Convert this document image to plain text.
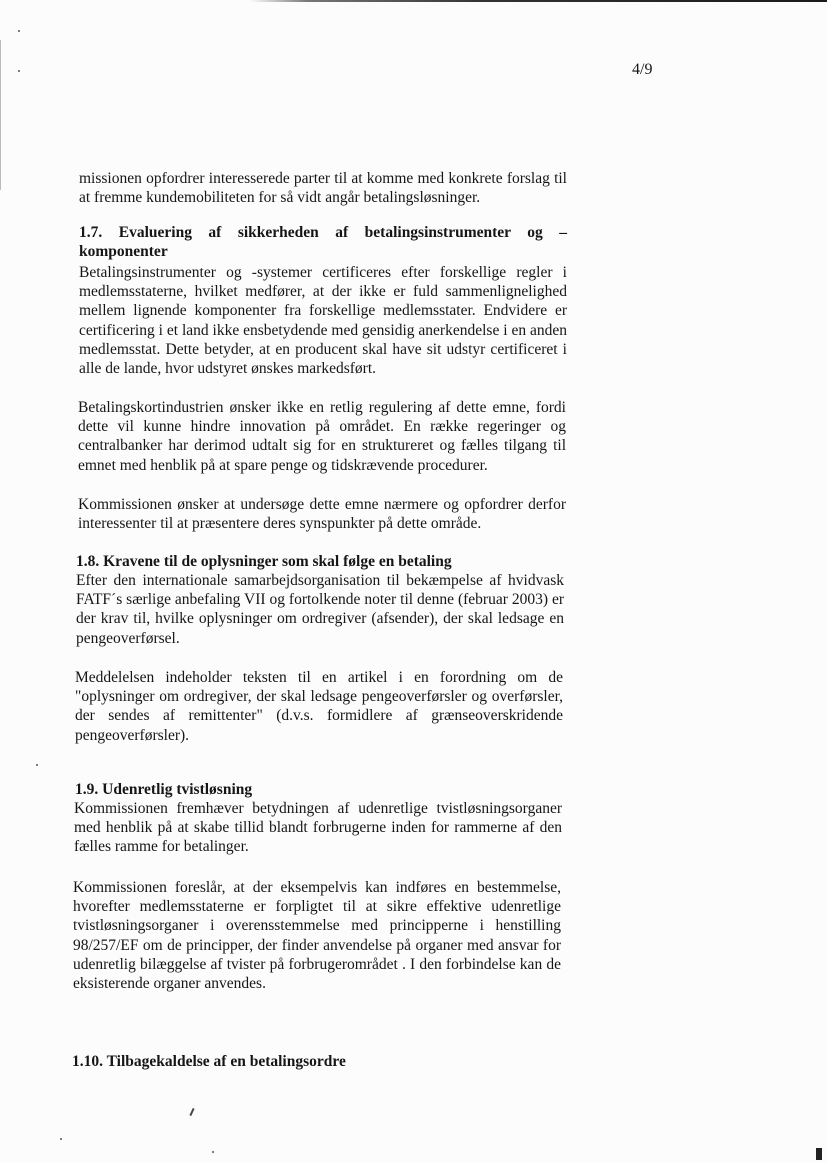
4/9

missionen opfordrer interesserede parter til at komme med konkrete forslag til at fremme kundemobiliteten for så vidt angår betalingsløsninger.

1.7. Evaluering af sikkerheden af betalingsinstrumenter og –

komponenter

Betalingsinstrumenter og -systemer certificeres efter forskellige regler i medlemsstaterne, hvilket medfører, at der ikke er fuld sammenlignelighed mellem lignende komponenter fra forskellige medlemsstater. Endvidere er certificering i et land ikke ensbetydende med gensidig anerkendelse i en anden medlemsstat. Dette betyder, at en producent skal have sit udstyr certificeret i alle de lande, hvor udstyret ønskes markedsført.

Betalingskortindustrien ønsker ikke en retlig regulering af dette emne, fordi dette vil kunne hindre innovation på området. En række regeringer og centralbanker har derimod udtalt sig for en struktureret og fælles tilgang til emnet med henblik på at spare penge og tidskrævende procedurer.

Kommissionen ønsker at undersøge dette emne nærmere og opfordrer derfor interessenter til at præsentere deres synspunkter på dette område.

1.8. Kravene til de oplysninger som skal følge en betaling

Efter den internationale samarbejdsorganisation til bekæmpelse af hvidvask FATF´s særlige anbefaling VII og fortolkende noter til denne (februar 2003) er der krav til, hvilke oplysninger om ordregiver (afsender), der skal ledsage en pengeoverførsel.

Meddelelsen indeholder teksten til en artikel i en forordning om de "oplysninger om ordregiver, der skal ledsage pengeoverførsler og overførsler, der sendes af remittenter" (d.v.s. formidlere af grænseoverskridende pengeoverførsler).

1.9. Udenretlig tvistløsning

Kommissionen fremhæver betydningen af udenretlige tvistløsningsorganer med henblik på at skabe tillid blandt forbrugerne inden for rammerne af den fælles ramme for betalinger.

Kommissionen foreslår, at der eksempelvis kan indføres en bestemmelse, hvorefter medlemsstaterne er forpligtet til at sikre effektive udenretlige tvistløsningsorganer i overensstemmelse med principperne i henstilling 98/257/EF om de principper, der finder anvendelse på organer med ansvar for udenretlig bilæggelse af tvister på forbrugerområdet . I den forbindelse kan de eksisterende organer anvendes.

1.10. Tilbagekaldelse af en betalingsordre
